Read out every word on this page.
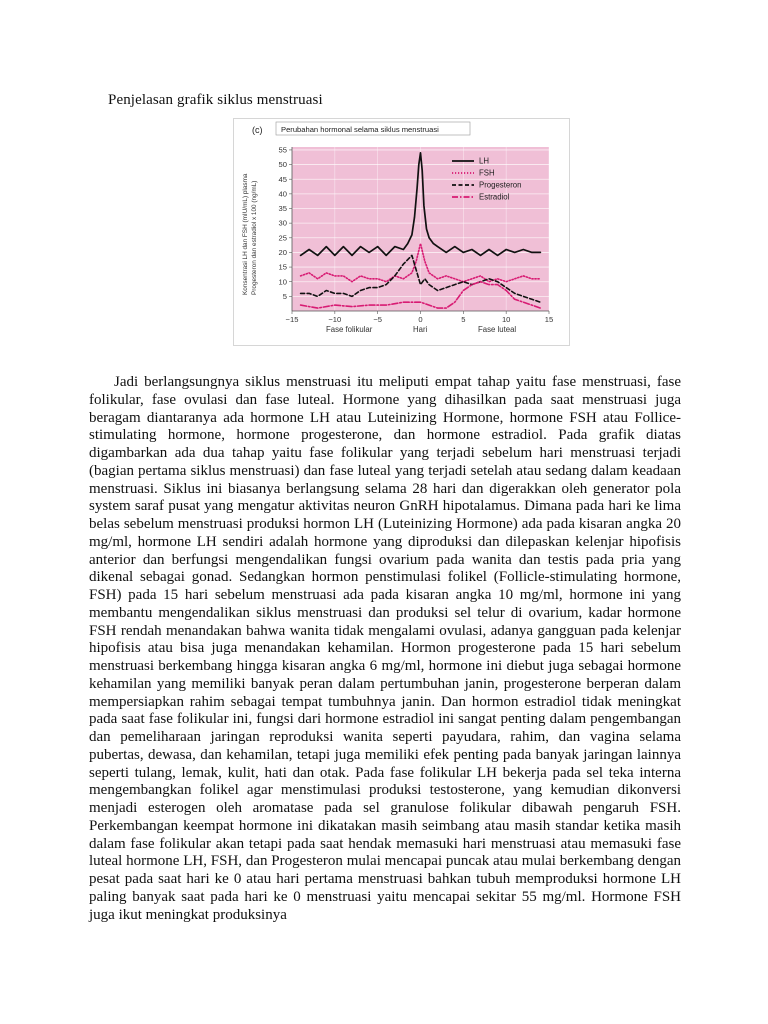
Penjelasan grafik siklus menstruasi
5
10
15
20
25
30
35
40
45
50
55
−15	−10	−5	0	5	10	15
LH
FSH
Progesteron
Estradiol
(c) Perubahan hormonal selama siklus menstruasi
Konsentrasi LH dan FSH (mIU/mL) plasma Progesteron dan estradiol x 100 (ng/mL)
Fase folikular	Hari	Fase luteal

Jadi berlangsungnya siklus menstruasi itu meliputi empat tahap yaitu fase menstruasi, fase folikular, fase ovulasi dan fase luteal. Hormone yang dihasilkan pada saat menstruasi juga beragam diantaranya ada hormone LH atau Luteinizing Hormone, hormone FSH atau Follice-stimulating hormone, hormone progesterone, dan hormone estradiol. Pada grafik diatas digambarkan ada dua tahap yaitu fase folikular yang terjadi sebelum hari menstruasi terjadi (bagian pertama siklus menstruasi) dan fase luteal yang terjadi setelah atau sedang dalam keadaan menstruasi. Siklus ini biasanya berlangsung selama 28 hari dan digerakkan oleh generator pola system saraf pusat yang mengatur aktivitas neuron GnRH hipotalamus. Dimana pada hari ke lima belas sebelum menstruasi produksi hormon LH (Luteinizing Hormone) ada pada kisaran angka 20 mg/ml, hormone LH sendiri adalah hormone yang diproduksi dan dilepaskan kelenjar hipofisis anterior dan berfungsi mengendalikan fungsi ovarium pada wanita dan testis pada pria yang dikenal sebagai gonad. Sedangkan hormon penstimulasi folikel (Follicle-stimulating hormone, FSH) pada 15 hari sebelum menstruasi ada pada kisaran angka 10 mg/ml, hormone ini yang membantu mengendalikan siklus menstruasi dan produksi sel telur di ovarium, kadar hormone FSH rendah menandakan bahwa wanita tidak mengalami ovulasi, adanya gangguan pada kelenjar hipofisis atau bisa juga menandakan kehamilan. Hormon progesterone pada 15 hari sebelum menstruasi berkembang hingga kisaran angka 6 mg/ml, hormone ini diebut juga sebagai hormone kehamilan yang memiliki banyak peran dalam pertumbuhan janin, progesterone berperan dalam mempersiapkan rahim sebagai tempat tumbuhnya janin. Dan hormon estradiol tidak meningkat pada saat fase folikular ini, fungsi dari hormone estradiol ini sangat penting dalam pengembangan dan pemeliharaan jaringan reproduksi wanita seperti payudara, rahim, dan vagina selama pubertas, dewasa, dan kehamilan, tetapi juga memiliki efek penting pada banyak jaringan lainnya seperti tulang, lemak, kulit, hati dan otak. Pada fase folikular LH bekerja pada sel teka interna mengembangkan folikel agar menstimulasi produksi testosterone, yang kemudian dikonversi menjadi esterogen oleh aromatase pada sel granulose folikular dibawah pengaruh FSH. Perkembangan keempat hormone ini dikatakan masih seimbang atau masih standar ketika masih dalam fase folikular akan tetapi pada saat hendak memasuki hari menstruasi atau memasuki fase luteal hormone LH, FSH, dan Progesteron mulai mencapai puncak atau mulai berkembang dengan pesat pada saat hari ke 0 atau hari pertama menstruasi bahkan tubuh memproduksi hormone LH paling banyak saat pada hari ke 0 menstruasi yaitu mencapai sekitar 55 mg/ml. Hormone FSH juga ikut meningkat produksinya
